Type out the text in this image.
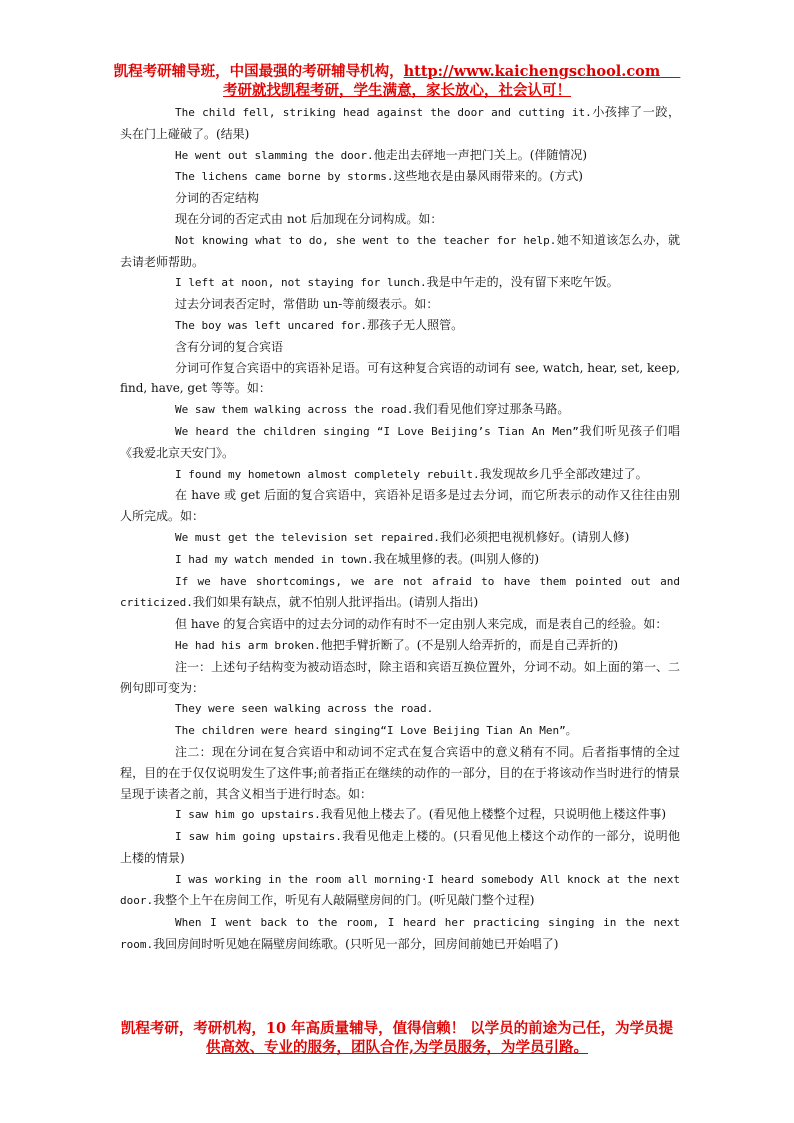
凯程考研辅导班，中国最强的考研辅导机构，http://www.kaichengschool.com
考研就找凯程考研，学生满意，家长放心，社会认可！

The child fell, striking head against the door and cutting it.小孩摔了一跤，头在门上碰破了。(结果)

He went out slamming the door.他走出去砰地一声把门关上。(伴随情况)

The lichens came borne by storms.这些地衣是由暴风雨带来的。(方式)

分词的否定结构

现在分词的否定式由 not 后加现在分词构成。如：

Not knowing what to do, she went to the teacher for help.她不知道该怎么办，就去请老师帮助。

I left at noon, not staying for lunch.我是中午走的，没有留下来吃午饭。

过去分词表否定时，常借助 un-等前缀表示。如：

The boy was left uncared for.那孩子无人照管。

含有分词的复合宾语

分词可作复合宾语中的宾语补足语。可有这种复合宾语的动词有 see, watch, hear, set, keep, find, have, get 等等。如：

We saw them walking across the road.我们看见他们穿过那条马路。

We heard the children singing “I Love Beijing’s Tian An Men”我们听见孩子们唱《我爱北京天安门》。

I found my hometown almost completely rebuilt.我发现故乡几乎全部改建过了。

在 have 或 get 后面的复合宾语中，宾语补足语多是过去分词，而它所表示的动作又往往由别人所完成。如：

We must get the television set repaired.我们必须把电视机修好。(请别人修)

I had my watch mended in town.我在城里修的表。(叫别人修的)

If we have shortcomings, we are not afraid to have them pointed out and criticized.我们如果有缺点，就不怕别人批评指出。(请别人指出)

但 have 的复合宾语中的过去分词的动作有时不一定由别人来完成，而是表自己的经验。如：

He had his arm broken.他把手臂折断了。(不是别人给弄折的，而是自己弄折的)

注一：上述句子结构变为被动语态时，除主语和宾语互换位置外，分词不动。如上面的第一、二例句即可变为：

They were seen walking across the road.

The children were heard singing“I Love Beijing Tian An Men”。

注二：现在分词在复合宾语中和动词不定式在复合宾语中的意义稍有不同。后者指事情的全过程，目的在于仅仅说明发生了这件事;前者指正在继续的动作的一部分，目的在于将该动作当时进行的情景呈现于读者之前，其含义相当于进行时态。如：

I saw him go upstairs.我看见他上楼去了。(看见他上楼整个过程，只说明他上楼这件事)

I saw him going upstairs.我看见他走上楼的。(只看见他上楼这个动作的一部分，说明他上楼的情景)

I was working in the room all morning·I heard somebody All knock at the next door.我整个上午在房间工作，听见有人敲隔壁房间的门。(听见敲门整个过程)

When I went back to the room, I heard her practicing singing in the next room.我回房间时听见她在隔壁房间练歌。(只听见一部分，回房间前她已开始唱了)

凯程考研，考研机构，10 年高质量辅导，值得信赖！ 以学员的前途为己任，为学员提
供高效、专业的服务，团队合作,为学员服务，为学员引路。
